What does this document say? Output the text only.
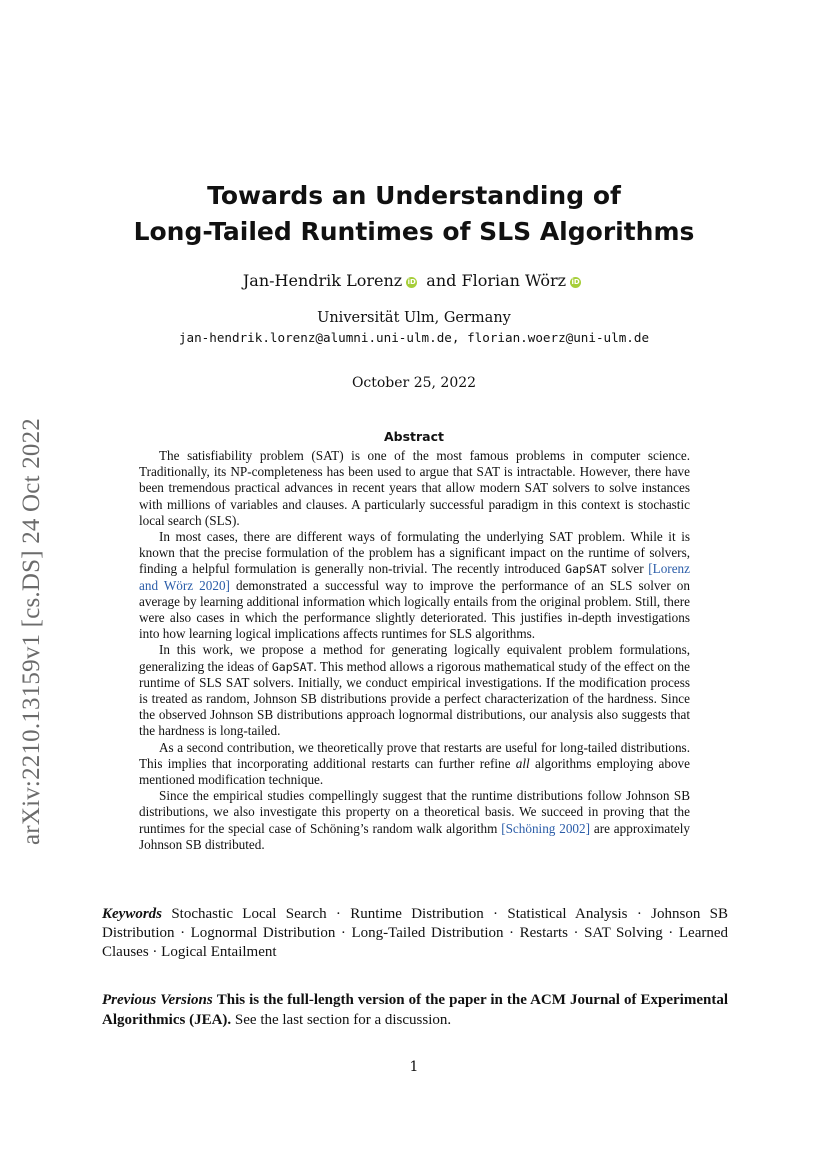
arXiv:2210.13159v1 [cs.DS] 24 Oct 2022
Towards an Understanding of
Long-Tailed Runtimes of SLS Algorithms
Jan-Hendrik Lorenz iD and Florian Wörz iD
Universität Ulm, Germany
jan-hendrik.lorenz@alumni.uni-ulm.de, florian.woerz@uni-ulm.de
October 25, 2022
Abstract

The satisfiability problem (SAT) is one of the most famous problems in computer science. Traditionally, its NP-completeness has been used to argue that SAT is intractable. However, there have been tremendous practical advances in recent years that allow modern SAT solvers to solve instances with millions of variables and clauses. A particularly successful paradigm in this context is stochastic local search (SLS).

In most cases, there are different ways of formulating the underlying SAT problem. While it is known that the precise formulation of the problem has a significant impact on the runtime of solvers, finding a helpful formulation is generally non-trivial. The recently introduced GapSAT solver [Lorenz and Wörz 2020] demonstrated a successful way to improve the performance of an SLS solver on average by learning additional information which logically entails from the original problem. Still, there were also cases in which the performance slightly deteriorated. This justifies in-depth investigations into how learning logical implications affects runtimes for SLS algorithms.

In this work, we propose a method for generating logically equivalent problem formulations, generalizing the ideas of GapSAT. This method allows a rigorous mathematical study of the effect on the runtime of SLS SAT solvers. Initially, we conduct empirical investigations. If the modification process is treated as random, Johnson SB distributions provide a perfect characterization of the hardness. Since the observed Johnson SB distributions approach lognormal distributions, our analysis also suggests that the hardness is long-tailed.

As a second contribution, we theoretically prove that restarts are useful for long-tailed distributions. This implies that incorporating additional restarts can further refine all algorithms employing above mentioned modification technique.

Since the empirical studies compellingly suggest that the runtime distributions follow Johnson SB distributions, we also investigate this property on a theoretical basis. We succeed in proving that the runtimes for the special case of Schöning’s random walk algorithm [Schöning 2002] are approximately Johnson SB distributed.

Keywords Stochastic Local Search · Runtime Distribution · Statistical Analysis · Johnson SB Distribution · Lognormal Distribution · Long-Tailed Distribution · Restarts · SAT Solving · Learned Clauses · Logical Entailment
Previous Versions This is the full-length version of the paper in the ACM Journal of Experimental Algorithmics (JEA). See the last section for a discussion.
1
